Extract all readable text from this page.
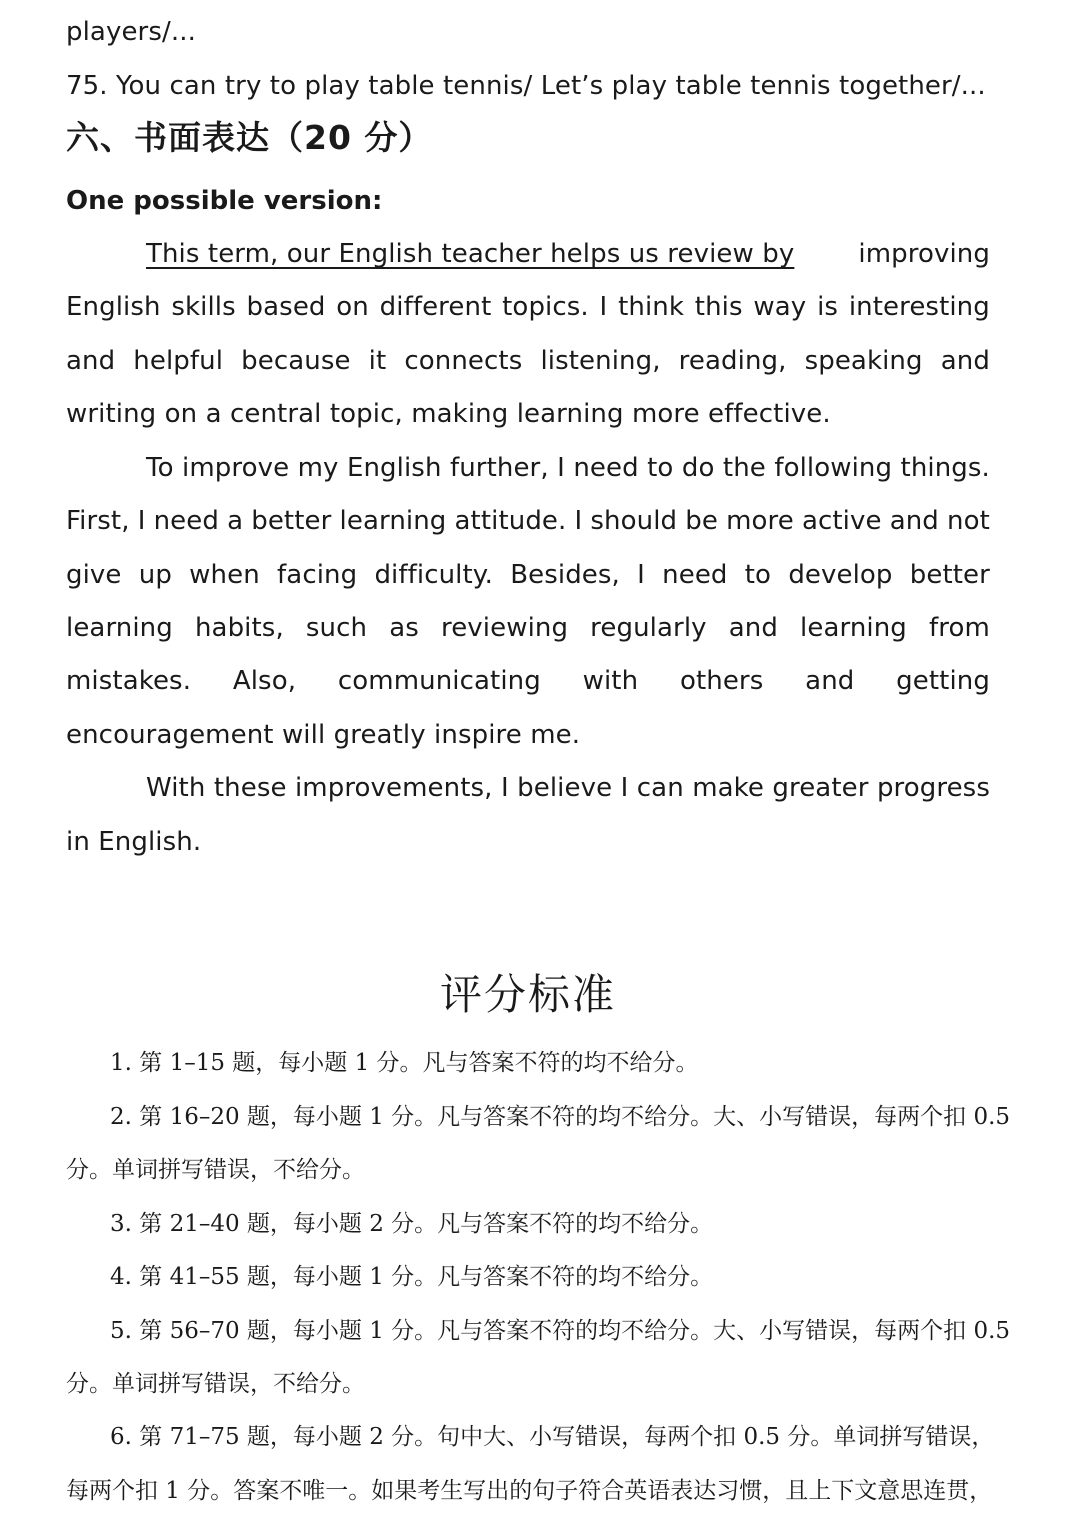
players/...
75. You can try to play table tennis/ Let’s play table tennis together/...
六、书面表达（20 分）
One possible version:
This term, our English teacher helps us review by improving
English skills based on different topics. I think this way is interesting
and helpful because it connects listening, reading, speaking and
writing on a central topic, making learning more effective.
To improve my English further, I need to do the following things.
First, I need a better learning attitude. I should be more active and not
give up when facing difficulty. Besides, I need to develop better
learning habits, such as reviewing regularly and learning from
mistakes. Also, communicating with others and getting
encouragement will greatly inspire me.
With these improvements, I believe I can make greater progress
in English.
评分标准
1. 第 1–15 题，每小题 1 分。凡与答案不符的均不给分。
2. 第 16–20 题，每小题 1 分。凡与答案不符的均不给分。大、小写错误，每两个扣 0.5
分。单词拼写错误，不给分。
3. 第 21–40 题，每小题 2 分。凡与答案不符的均不给分。
4. 第 41–55 题，每小题 1 分。凡与答案不符的均不给分。
5. 第 56–70 题，每小题 1 分。凡与答案不符的均不给分。大、小写错误，每两个扣 0.5
分。单词拼写错误，不给分。
6. 第 71–75 题，每小题 2 分。句中大、小写错误，每两个扣 0.5 分。单词拼写错误，
每两个扣 1 分。答案不唯一。如果考生写出的句子符合英语表达习惯，且上下文意思连贯，
